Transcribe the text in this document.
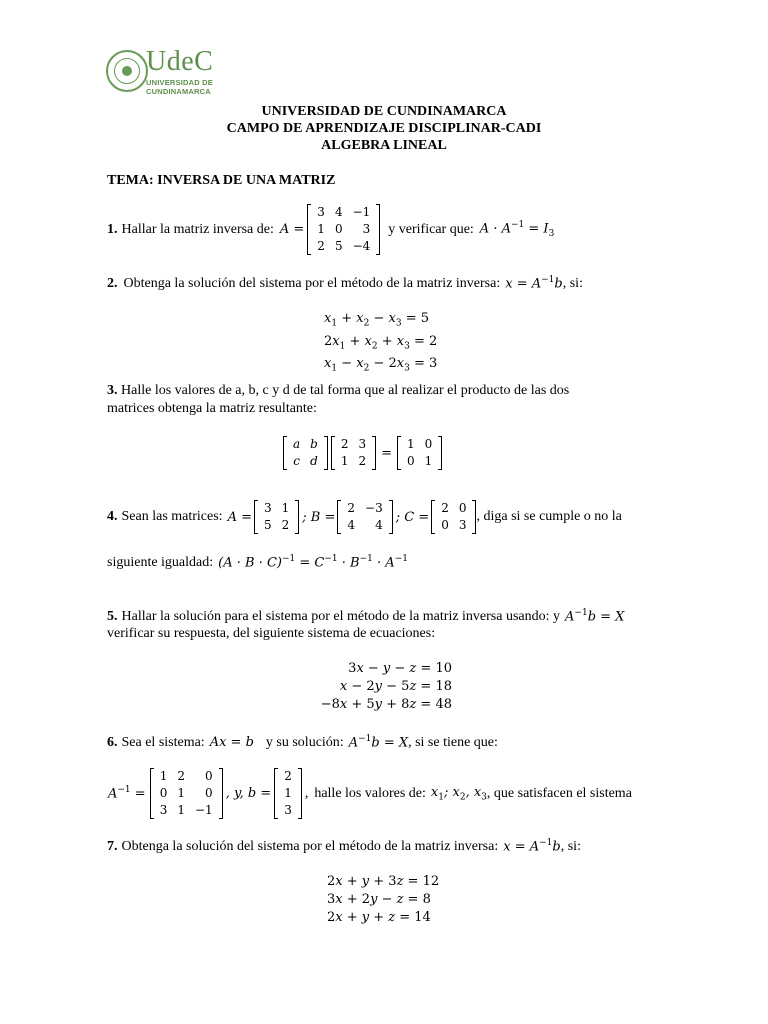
UdeC
UNIVERSIDAD DE
CUNDINAMARCA
UNIVERSIDAD DE CUNDINAMARCA
CAMPO DE APRENDIZAJE DISCIPLINAR-CADI
ALGEBRA LINEAL
TEMA: INVERSA DE UNA MATRIZ
1. Hallar la matriz inversa de: A =
3	4	−1
1	0	3
2	5	−4
y verificar que: $A \cdot A^{-1} = I_3$
2. Obtenga la solución del sistema por el método de la matriz inversa: $x = A^{-1}b$ , si:
$x_1 + x_2 - x_3 = 5$
$2x_1 + x_2 + x_3 = 2$
$x_1 - x_2 - 2x_3 = 3$
3. Halle los valores de a, b, c y d de tal forma que al realizar el producto de las dos
matrices obtenga la matriz resultante:
a	b
c	d
2	3
1	2
=
1	0
0	1
4. Sean las matrices: A =
3	1
5	2
; B =
2	−3
4	4
; C =
2	0
0	3
, diga si se cumple o no la
siguiente igualdad: $(A \cdot B \cdot C)^{-1} = C^{-1} \cdot B^{-1} \cdot A^{-1}$
5. Hallar la solución para el sistema por el método de la matriz inversa usando: y $A^{-1}b = X$
verificar su respuesta, del siguiente sistema de ecuaciones:
3x − y − z = 10
x − 2y − 5z = 18
−8x + 5y + 8z = 48
6. Sea el sistema: Ax = b y su solución: $A^{-1}b = X$ , si se tiene que:
$A^{-1}$ =
1	2	0
0	1	0
3	1	−1
, y, b =
2
1
3
, halle los valores de: $x_1$; $x_2$, $x_3$ , que satisfacen el sistema
7. Obtenga la solución del sistema por el método de la matriz inversa: $x = A^{-1}b$ , si:
2x + y + 3z = 12
3x + 2y − z = 8
2x + y + z = 14
